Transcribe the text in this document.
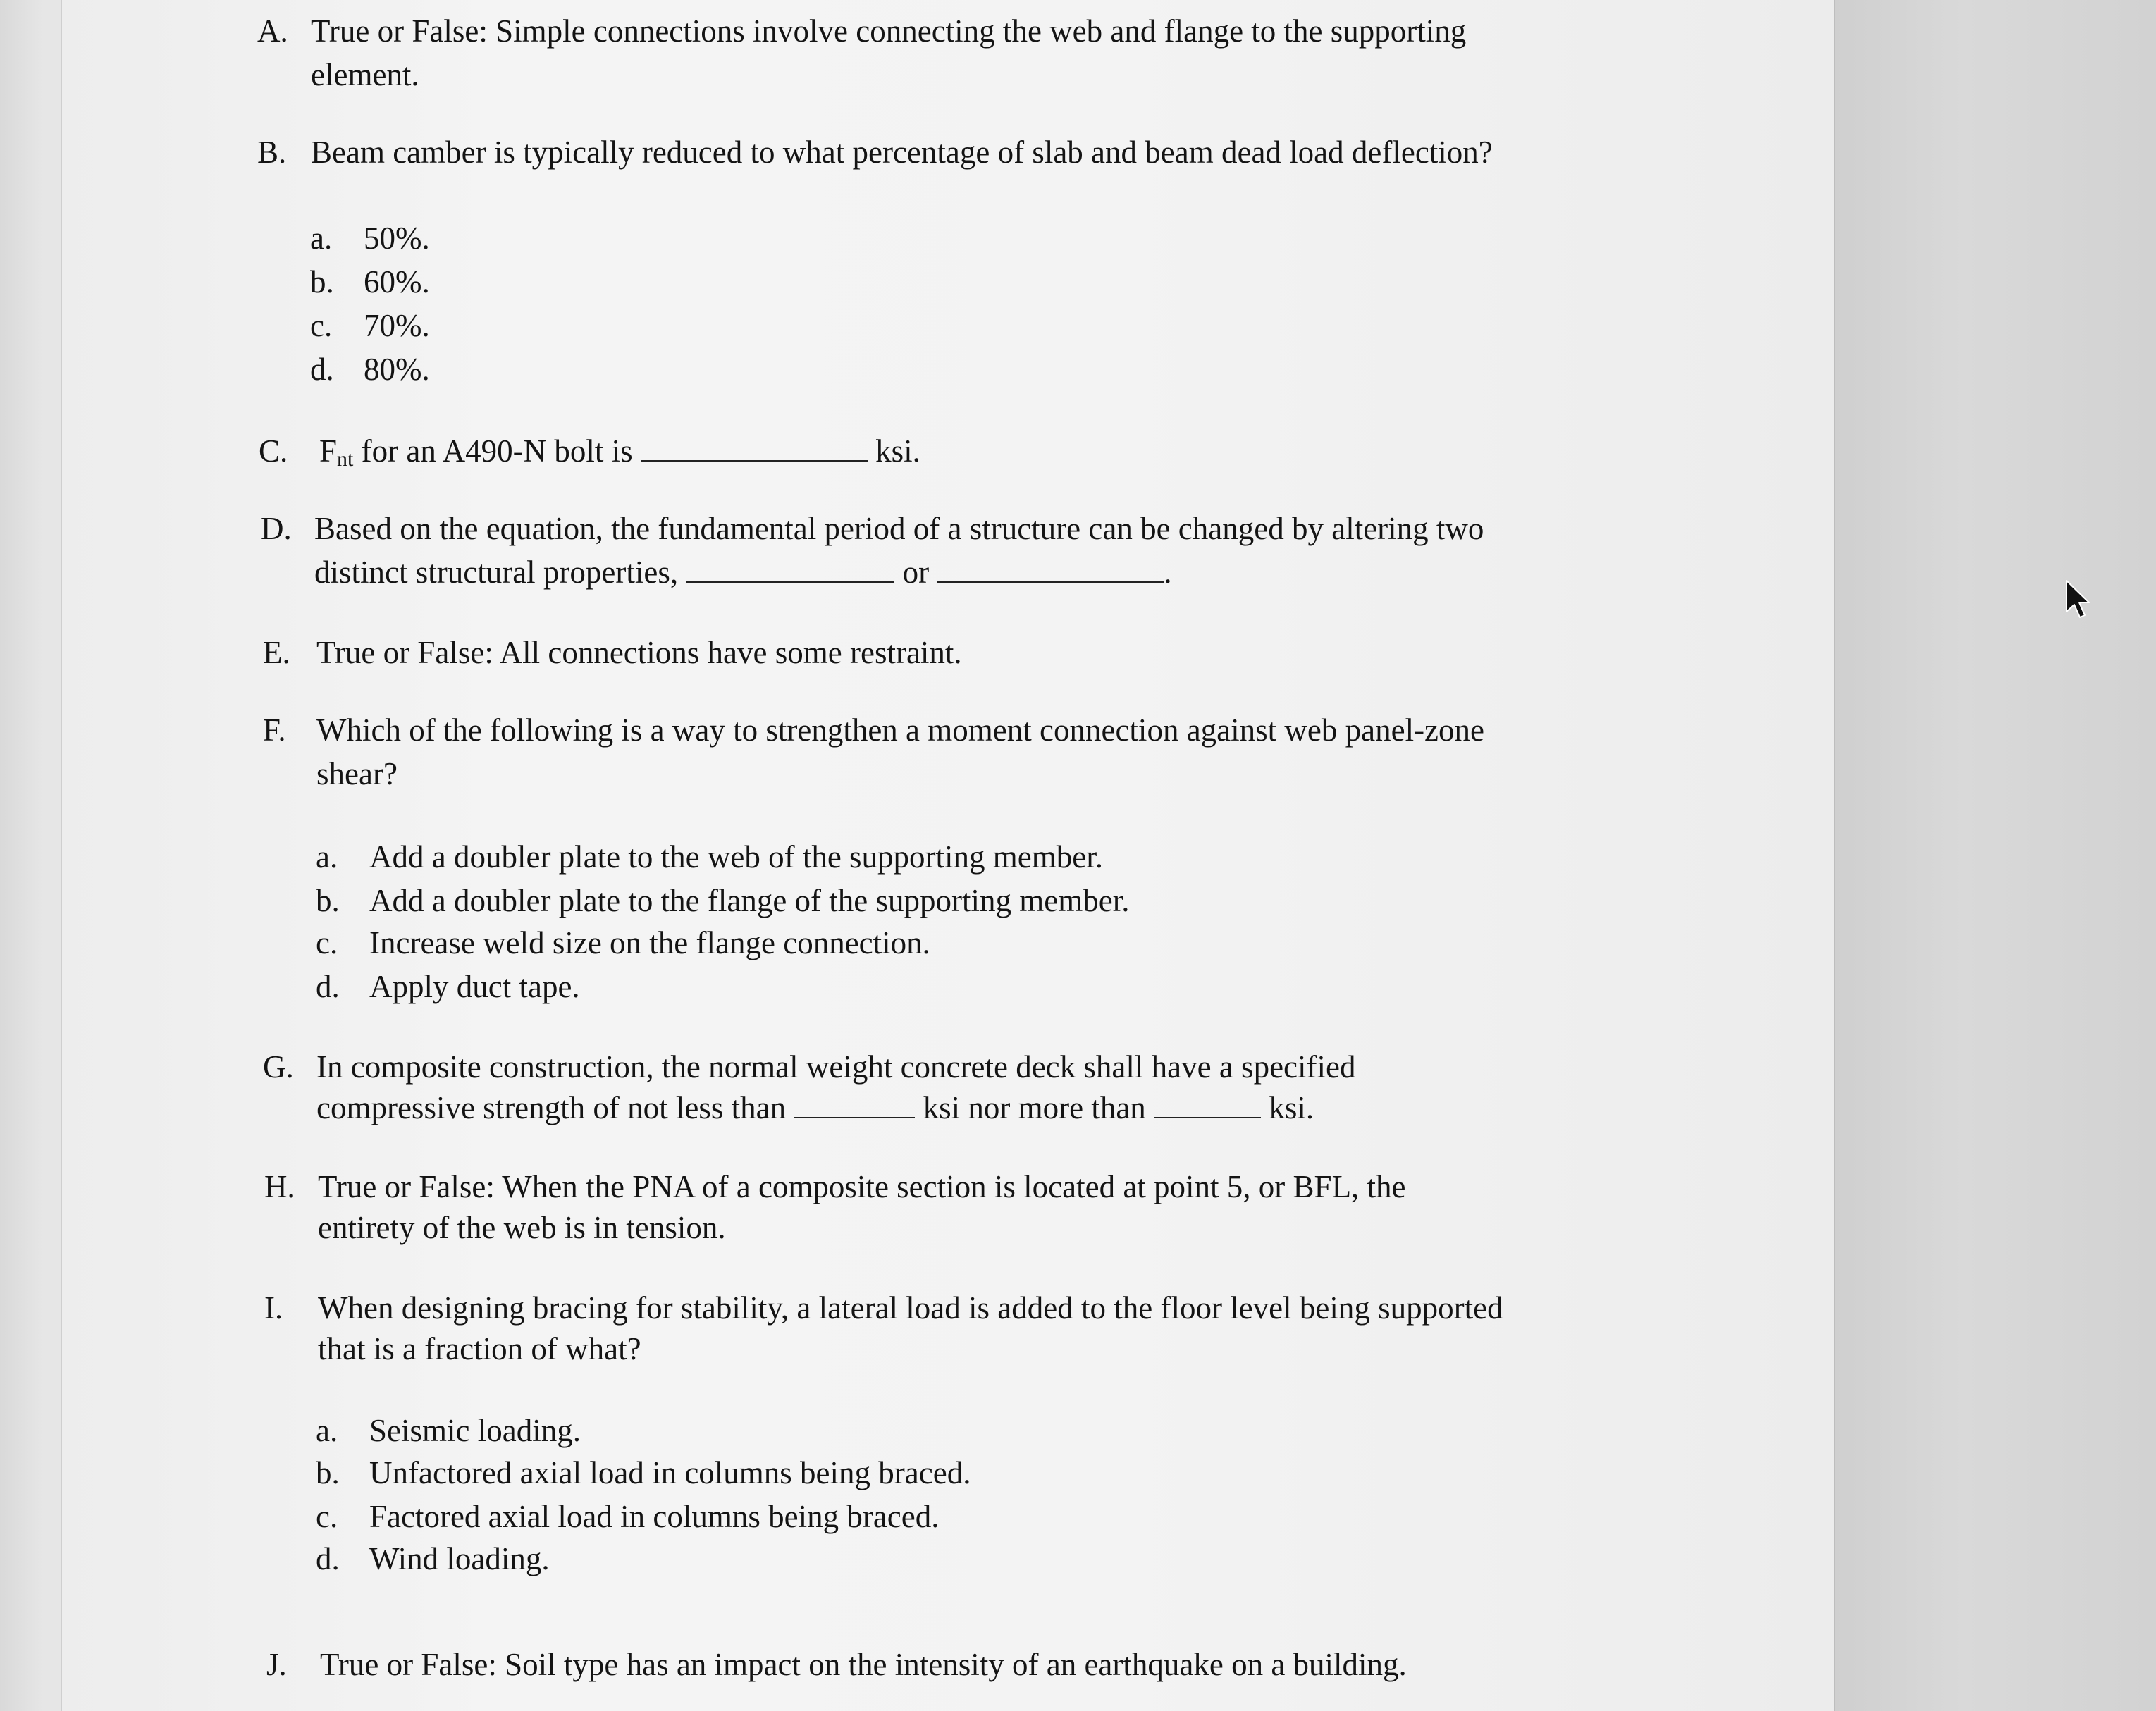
A. True or False: Simple connections involve connecting the web and flange to the supporting
element.
B. Beam camber is typically reduced to what percentage of slab and beam dead load deflection?
a. 50%.
b. 60%.
c. 70%.
d. 80%.
C. $F_{nt}$ for an A490-N bolt is	ksi.
D. Based on the equation, the fundamental period of a structure can be changed by altering two
distinct structural properties,	or	.
E. True or False: All connections have some restraint.
F. Which of the following is a way to strengthen a moment connection against web panel-zone
shear?
a. Add a doubler plate to the web of the supporting member.
b. Add a doubler plate to the flange of the supporting member.
c. Increase weld size on the flange connection.
d. Apply duct tape.
G. In composite construction, the normal weight concrete deck shall have a specified
compressive strength of not less than	ksi nor more than	ksi.
H. True or False: When the PNA of a composite section is located at point 5, or BFL, the
entirety of the web is in tension.
I. When designing bracing for stability, a lateral load is added to the floor level being supported
that is a fraction of what?
a. Seismic loading.
b. Unfactored axial load in columns being braced.
c. Factored axial load in columns being braced.
d. Wind loading.
J. True or False: Soil type has an impact on the intensity of an earthquake on a building.
